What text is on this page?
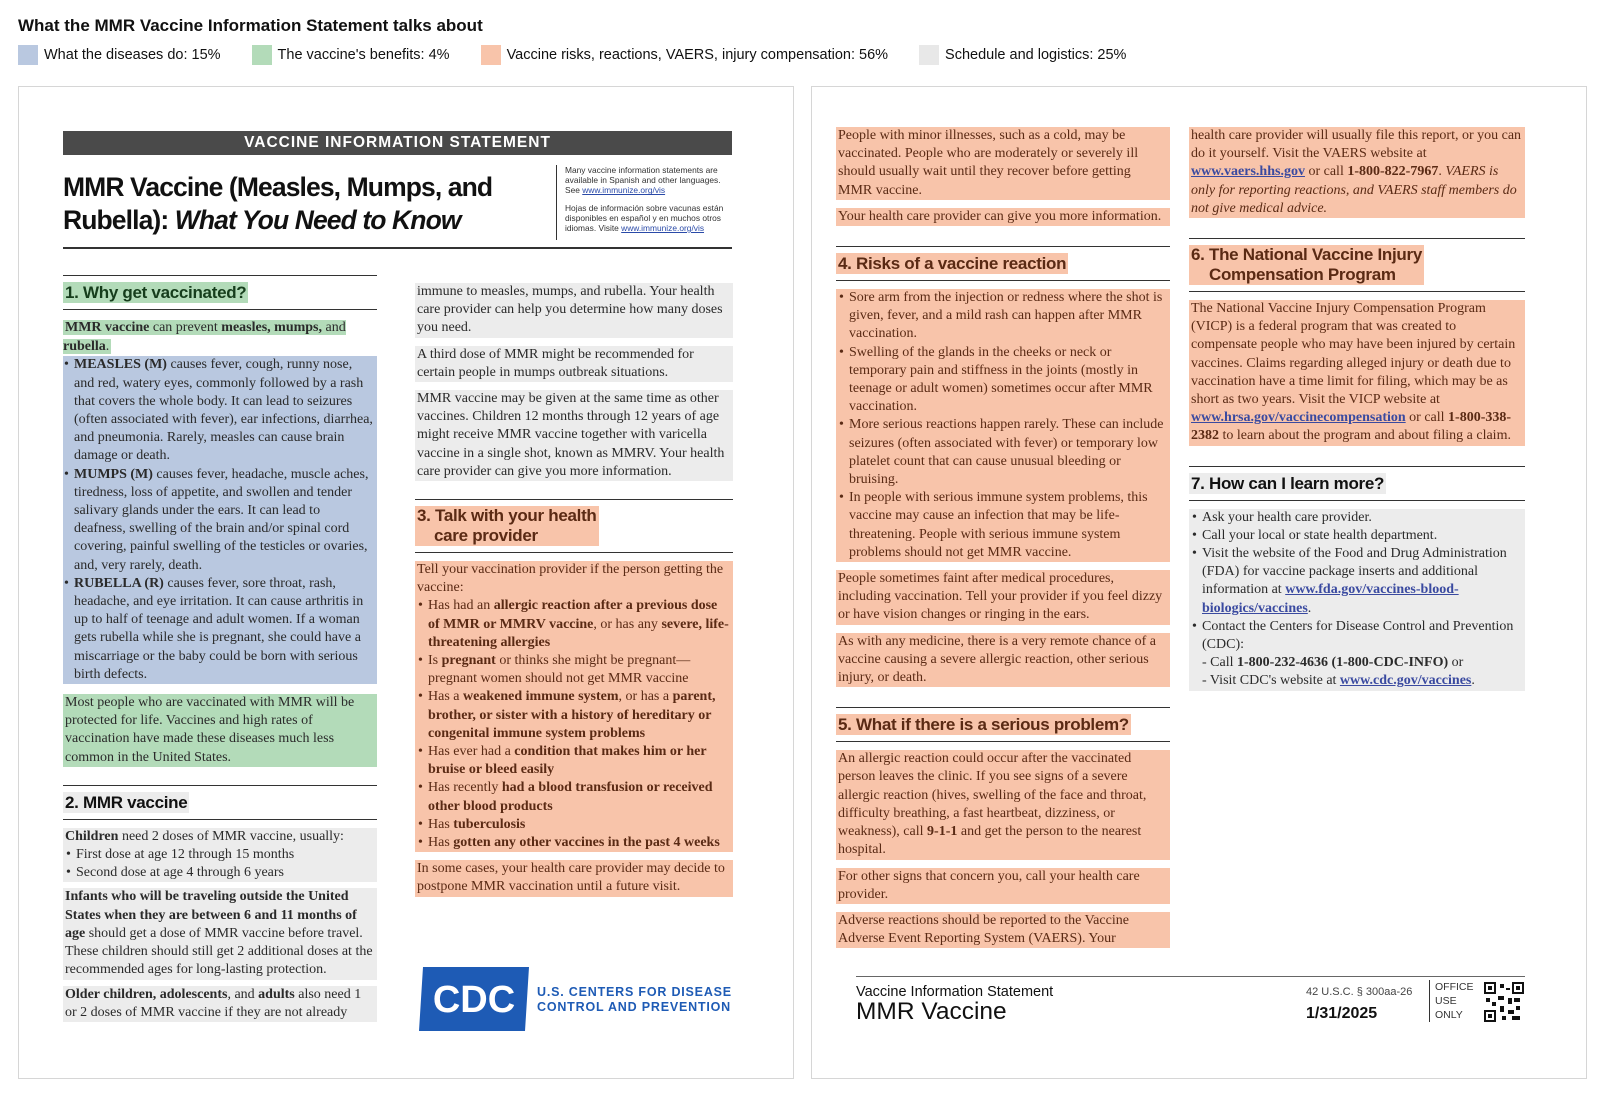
What the MMR Vaccine Information Statement talks about
What the diseases do: 15%	The vaccine's benefits: 4%	Vaccine risks, reactions, VAERS, injury compensation: 56%	Schedule and logistics: 25%
VACCINE INFORMATION STATEMENT
MMR Vaccine (Measles, Mumps, and Rubella): What You Need to Know

Many vaccine information statements are available in Spanish and other languages. See www.immunize.org/vis

Hojas de información sobre vacunas están disponibles en español y en muchos otros idiomas. Visite www.immunize.org/vis

1. Why get vaccinated?
MMR vaccine can prevent measles, mumps, and rubella.
• MEASLES (M) causes fever, cough, runny nose, and red, watery eyes, commonly followed by a rash that covers the whole body. It can lead to seizures (often associated with fever), ear infections, diarrhea, and pneumonia. Rarely, measles can cause brain damage or death.
• MUMPS (M) causes fever, headache, muscle aches, tiredness, loss of appetite, and swollen and tender salivary glands under the ears. It can lead to deafness, swelling of the brain and/or spinal cord covering, painful swelling of the testicles or ovaries, and, very rarely, death.
• RUBELLA (R) causes fever, sore throat, rash, headache, and eye irritation. It can cause arthritis in up to half of teenage and adult women. If a woman gets rubella while she is pregnant, she could have a miscarriage or the baby could be born with serious birth defects.
Most people who are vaccinated with MMR will be protected for life. Vaccines and high rates of vaccination have made these diseases much less common in the United States.
2. MMR vaccine
Children need 2 doses of MMR vaccine, usually:
• First dose at age 12 through 15 months
• Second dose at age 4 through 6 years
Infants who will be traveling outside the United States when they are between 6 and 11 months of age should get a dose of MMR vaccine before travel. These children should still get 2 additional doses at the recommended ages for long-lasting protection.
Older children, adolescents, and adults also need 1 or 2 doses of MMR vaccine if they are not already
immune to measles, mumps, and rubella. Your health care provider can help you determine how many doses you need.
A third dose of MMR might be recommended for certain people in mumps outbreak situations.
MMR vaccine may be given at the same time as other vaccines. Children 12 months through 12 years of age might receive MMR vaccine together with varicella vaccine in a single shot, known as MMRV. Your health care provider can give you more information.
3. Talk with your health
care provider
Tell your vaccination provider if the person getting the vaccine:
• Has had an allergic reaction after a previous dose of MMR or MMRV vaccine, or has any severe, life-threatening allergies
• Is pregnant or thinks she might be pregnant—pregnant women should not get MMR vaccine
• Has a weakened immune system, or has a parent, brother, or sister with a history of hereditary or congenital immune system problems
• Has ever had a condition that makes him or her bruise or bleed easily
• Has recently had a blood transfusion or received other blood products
• Has tuberculosis
• Has gotten any other vaccines in the past 4 weeks
In some cases, your health care provider may decide to postpone MMR vaccination until a future visit.
CDC U.S. CENTERS FOR DISEASE
CONTROL AND PREVENTION
People with minor illnesses, such as a cold, may be vaccinated. People who are moderately or severely ill should usually wait until they recover before getting MMR vaccine.
Your health care provider can give you more information.
4. Risks of a vaccine reaction
• Sore arm from the injection or redness where the shot is given, fever, and a mild rash can happen after MMR vaccination.
• Swelling of the glands in the cheeks or neck or temporary pain and stiffness in the joints (mostly in teenage or adult women) sometimes occur after MMR vaccination.
• More serious reactions happen rarely. These can include seizures (often associated with fever) or temporary low platelet count that can cause unusual bleeding or bruising.
• In people with serious immune system problems, this vaccine may cause an infection that may be life-threatening. People with serious immune system problems should not get MMR vaccine.
People sometimes faint after medical procedures, including vaccination. Tell your provider if you feel dizzy or have vision changes or ringing in the ears.
As with any medicine, there is a very remote chance of a vaccine causing a severe allergic reaction, other serious injury, or death.
5. What if there is a serious problem?
An allergic reaction could occur after the vaccinated person leaves the clinic. If you see signs of a severe allergic reaction (hives, swelling of the face and throat, difficulty breathing, a fast heartbeat, dizziness, or weakness), call 9-1-1 and get the person to the nearest hospital.
For other signs that concern you, call your health care provider.
Adverse reactions should be reported to the Vaccine Adverse Event Reporting System (VAERS). Your
health care provider will usually file this report, or you can do it yourself. Visit the VAERS website at www.vaers.hhs.gov or call 1-800-822-7967. VAERS is only for reporting reactions, and VAERS staff members do not give medical advice.
6. The National Vaccine Injury
Compensation Program
The National Vaccine Injury Compensation Program (VICP) is a federal program that was created to compensate people who may have been injured by certain vaccines. Claims regarding alleged injury or death due to vaccination have a time limit for filing, which may be as short as two years. Visit the VICP website at www.hrsa.gov/vaccinecompensation or call 1-800-338-2382 to learn about the program and about filing a claim.
7. How can I learn more?
• Ask your health care provider.
• Call your local or state health department.
• Visit the website of the Food and Drug Administration (FDA) for vaccine package inserts and additional information at www.fda.gov/vaccines-blood-biologics/vaccines.
• Contact the Centers for Disease Control and Prevention (CDC):
- Call 1-800-232-4636 (1-800-CDC-INFO) or
- Visit CDC's website at www.cdc.gov/vaccines.
Vaccine Information Statement
MMR Vaccine
42 U.S.C. § 300aa-26
1/31/2025
OFFICE
USE
ONLY
